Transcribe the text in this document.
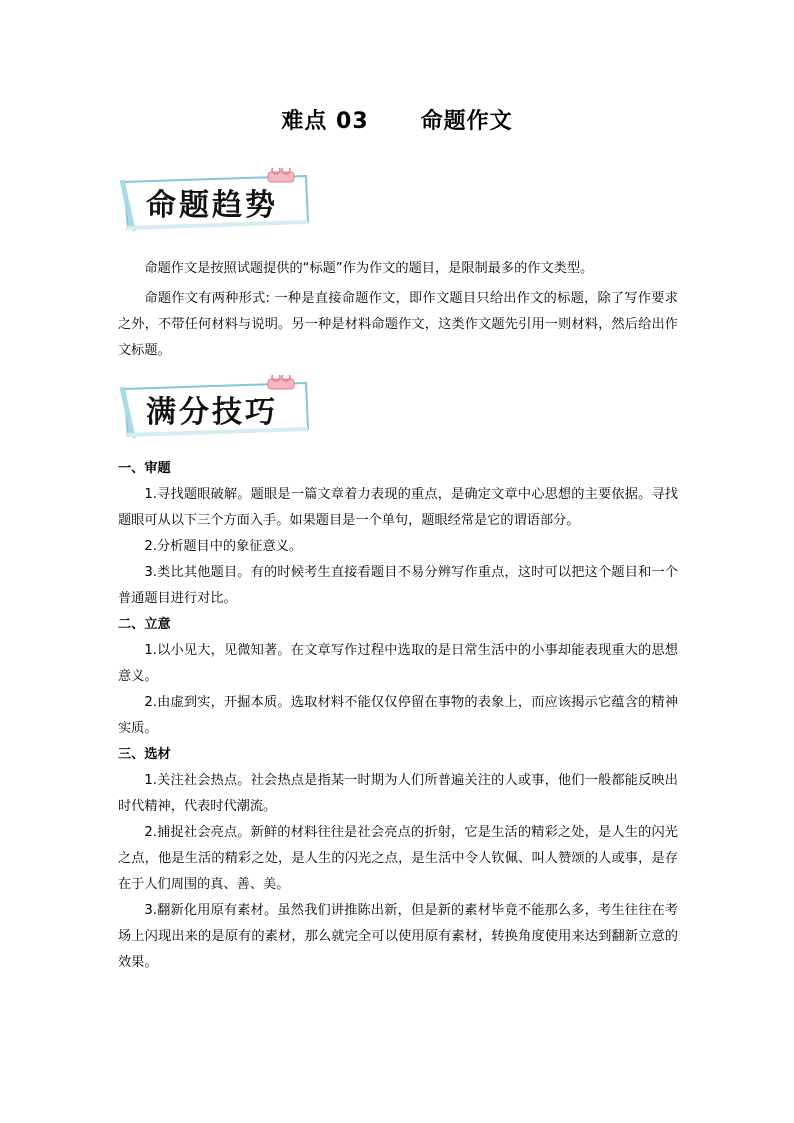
难点 03      命题作文
命题趋势

命题作文是按照试题提供的“标题”作为作文的题目，是限制最多的作文类型。

命题作文有两种形式: 一种是直接命题作文，即作文题目只给出作文的标题，除了写作要求之外，不带任何材料与说明。另一种是材料命题作文，这类作文题先引用一则材料，然后给出作文标题。

满分技巧

一、审题

1.寻找题眼破解。题眼是一篇文章着力表现的重点，是确定文章中心思想的主要依据。寻找题眼可从以下三个方面入手。如果题目是一个单句，题眼经常是它的谓语部分。

2.分析题目中的象征意义。

3.类比其他题目。有的时候考生直接看题目不易分辨写作重点，这时可以把这个题目和一个普通题目进行对比。

二、立意

1.以小见大，见微知著。在文章写作过程中选取的是日常生活中的小事却能表现重大的思想意义。

2.由虚到实，开掘本质。选取材料不能仅仅停留在事物的表象上，而应该揭示它蕴含的精神实质。

三、选材

1.关注社会热点。社会热点是指某一时期为人们所普遍关注的人或事，他们一般都能反映出时代精神，代表时代潮流。

2.捕捉社会亮点。新鲜的材料往往是社会亮点的折射，它是生活的精彩之处，是人生的闪光之点，他是生活的精彩之处，是人生的闪光之点，是生活中令人钦佩、叫人赞颂的人或事，是存在于人们周围的真、善、美。

3.翻新化用原有素材。虽然我们讲推陈出新，但是新的素材毕竟不能那么多，考生往往在考场上闪现出来的是原有的素材，那么就完全可以使用原有素材，转换角度使用来达到翻新立意的效果。
